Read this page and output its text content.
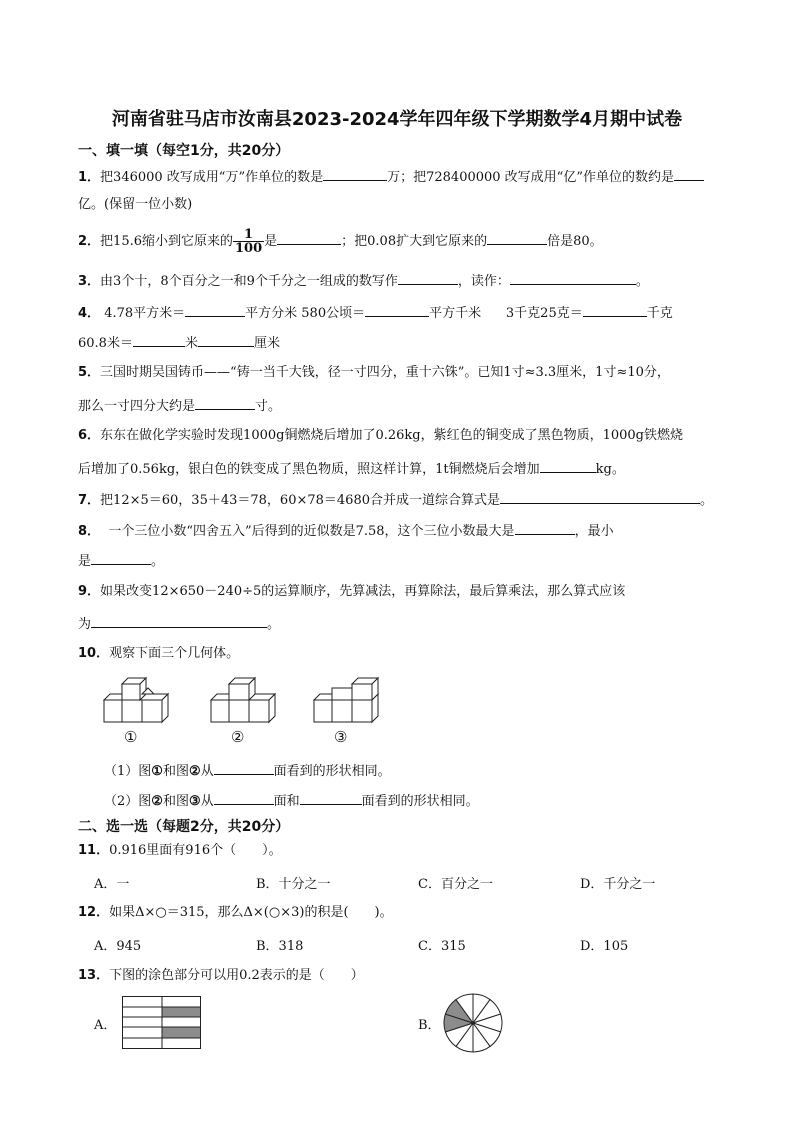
河南省驻马店市汝南县2023-2024学年四年级下学期数学4月期中试卷
一、填一填（每空1分，共20分）
1．把346000 改写成用“万”作单位的数是	万；把728400000 改写成用“亿”作单位的数约是
亿。(保留一位小数)
2．把15.6缩小到它原来的 $\frac{1}{100}$ 是	；把0.08扩大到它原来的	倍是80。
3．由3个十，8个百分之一和9个千分之一组成的数写作	，读作：	。
4． 4.78平方米＝	平方分米 580公顷＝	平方千米 3千克25克＝	千克
60.8米＝	米	厘米
5．三国时期吴国铸币——“铸一当千大钱，径一寸四分，重十六铢”。已知1寸≈3.3厘米，1寸≈10分，
那么一寸四分大约是	寸。
6．东东在做化学实验时发现1000g铜燃烧后增加了0.26kg，紫红色的铜变成了黑色物质，1000g铁燃烧
后增加了0.56kg，银白色的铁变成了黑色物质，照这样计算，1t铜燃烧后会增加	kg。
7．把12×5＝60，35＋43＝78，60×78＝4680合并成一道综合算式是	。
8． 一个三位小数“四舍五入”后得到的近似数是7.58，这个三位小数最大是	，最小
是	。
9．如果改变12×650－240÷5的运算顺序，先算减法，再算除法，最后算乘法，那么算式应该
为	。
10．观察下面三个几何体。
①	②	③
（1）图①和图②从	面看到的形状相同。
（2）图②和图③从	面和	面看到的形状相同。
二、选一选（每题2分，共20分）
11．0.916里面有916个（　　）。
A．一	B．十分之一	C．百分之一	D．千分之一
12．如果Δ×○＝315，那么Δ×(○×3)的积是(　　)。
A．945	B．318	C．315	D．105
13．下图的涂色部分可以用0.2表示的是（　　）
A．	B．
